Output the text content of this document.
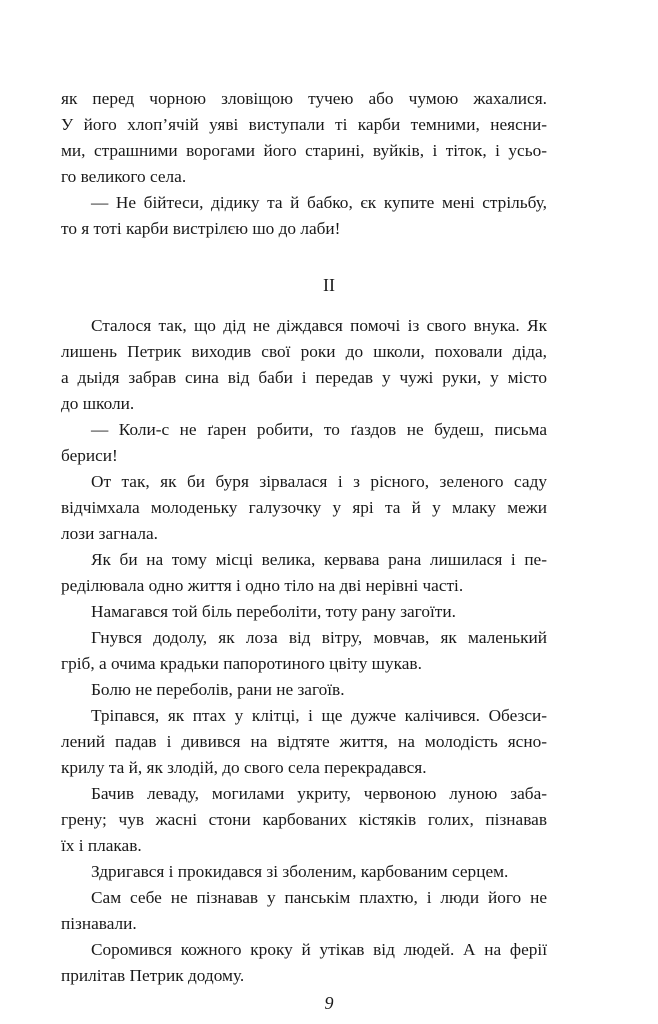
як перед чорною зловіщою тучею або чумою жахалися.
У його хлоп’ячій уяві виступали ті карби темними, неясни-
ми, страшними ворогами його старині, вуйків, і тіток, і усьо-
го великого села.
— Не бійтеси, дідику та й бабко, єк купите мені стрільбу,
то я тоті карби вистрілєю шо до лаби!
II
Сталося так, що дід не діждався помочі із свого внука. Як
лишень Петрик виходив свої роки до школи, поховали діда,
а дыідя забрав сина від баби і передав у чужі руки, у місто
до школи.
— Коли-с не ґарен робити, то ґаздов не будеш, письма
бериси!
От так, як би буря зірвалася і з рісного, зеленого саду
відчімхала молоденьку галузочку у ярі та й у млаку межи
лози загнала.
Як би на тому місці велика, кервава рана лишилася і пе-
реділювала одно життя і одно тіло на дві нерівні часті.
Намагався той біль переболіти, тоту рану загоїти.
Гнувся додолу, як лоза від вітру, мовчав, як маленький
гріб, а очима крадьки папоротиного цвіту шукав.
Болю не переболів, рани не загоїв.
Тріпався, як птах у клітці, і ще дужче калічився. Обезси-
лений падав і дивився на відтяте життя, на молодість ясно-
крилу та й, як злодій, до свого села перекрадався.
Бачив леваду, могилами укриту, червоною луною заба-
грену; чув жасні стони карбованих кістяків голих, пізнавав
їх і плакав.
Здригався і прокидався зі зболеним, карбованим серцем.
Сам себе не пізнавав у панськім плахтю, і люди його не
пізнавали.
Соромився кожного кроку й утікав від людей. А на ферії
прилітав Петрик додому.
9
